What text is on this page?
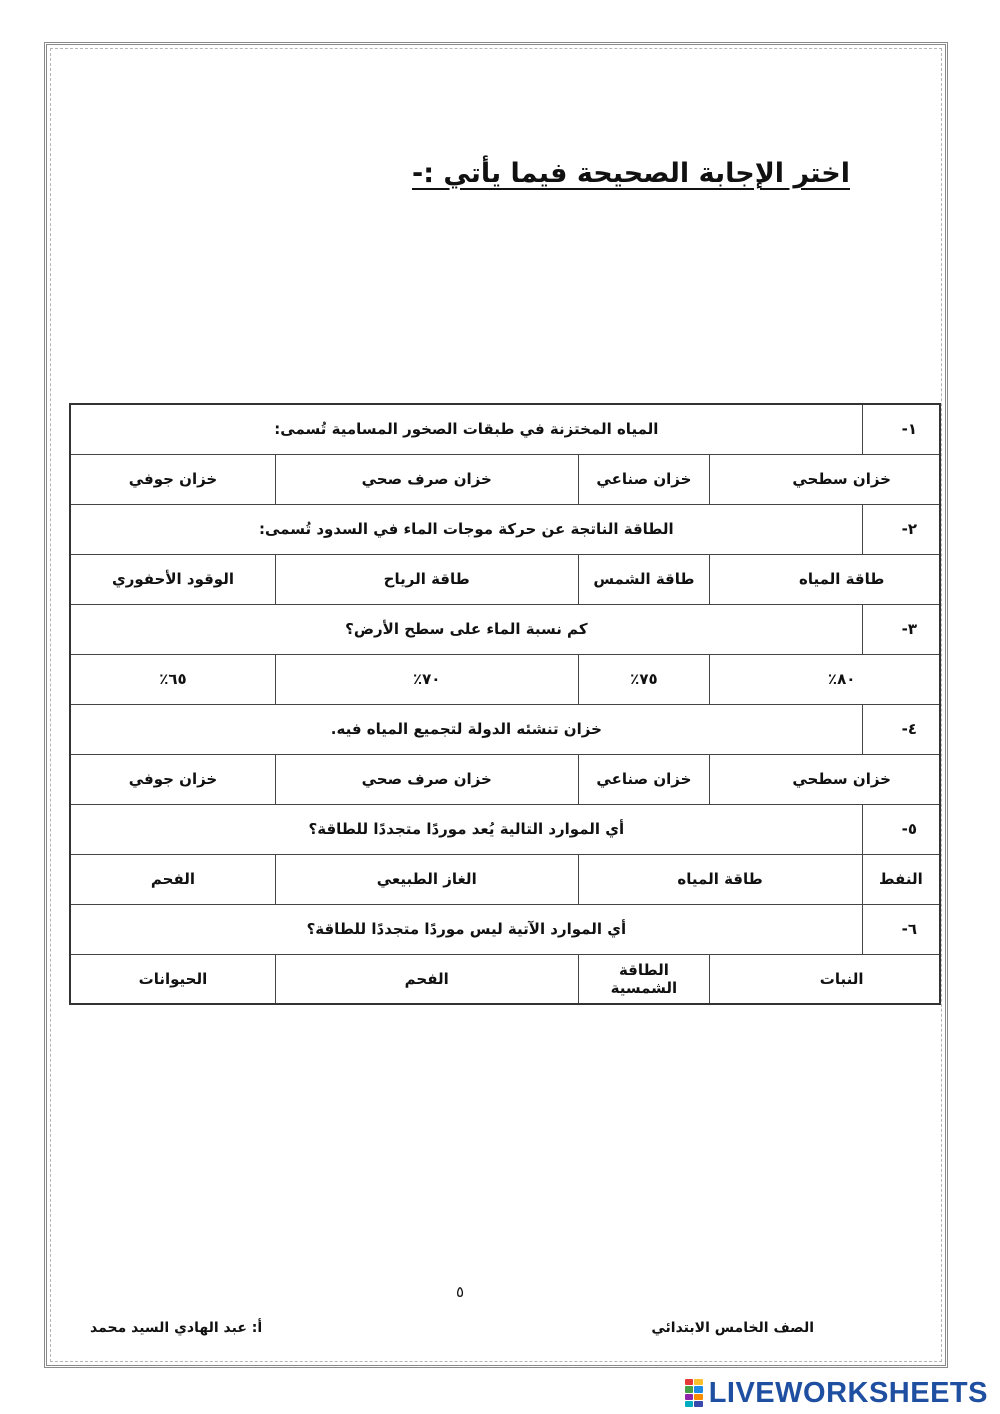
اختر الإجابة الصحيحة فيما يأتي :-
١-	المياه المختزنة في طبقات الصخور المسامية تُسمى:			
خزان سطحي		خزان صناعي	خزان صرف صحي	خزان جوفي
٢-	الطاقة الناتجة عن حركة موجات الماء في السدود تُسمى:			
طاقة المياه		طاقة الشمس	طاقة الرياح	الوقود الأحفوري
٣-	كم نسبة الماء على سطح الأرض؟			
٨٠٪		٧٥٪	٧٠٪	٦٥٪
٤-	خزان تنشئه الدولة لتجميع المياه فيه.			
خزان سطحي		خزان صناعي	خزان صرف صحي	خزان جوفي
٥-	أي الموارد التالية يُعد موردًا متجددًا للطاقة؟			
النفط	طاقة المياه		الغاز الطبيعي	الفحم
٦-	أي الموارد الآتية ليس موردًا متجددًا للطاقة؟			
النبات		الطاقة الشمسية	الفحم	الحيوانات
٥
الصف الخامس الابتدائي
أ: عبد الهادي السيد محمد
LIVEWORKSHEETS
